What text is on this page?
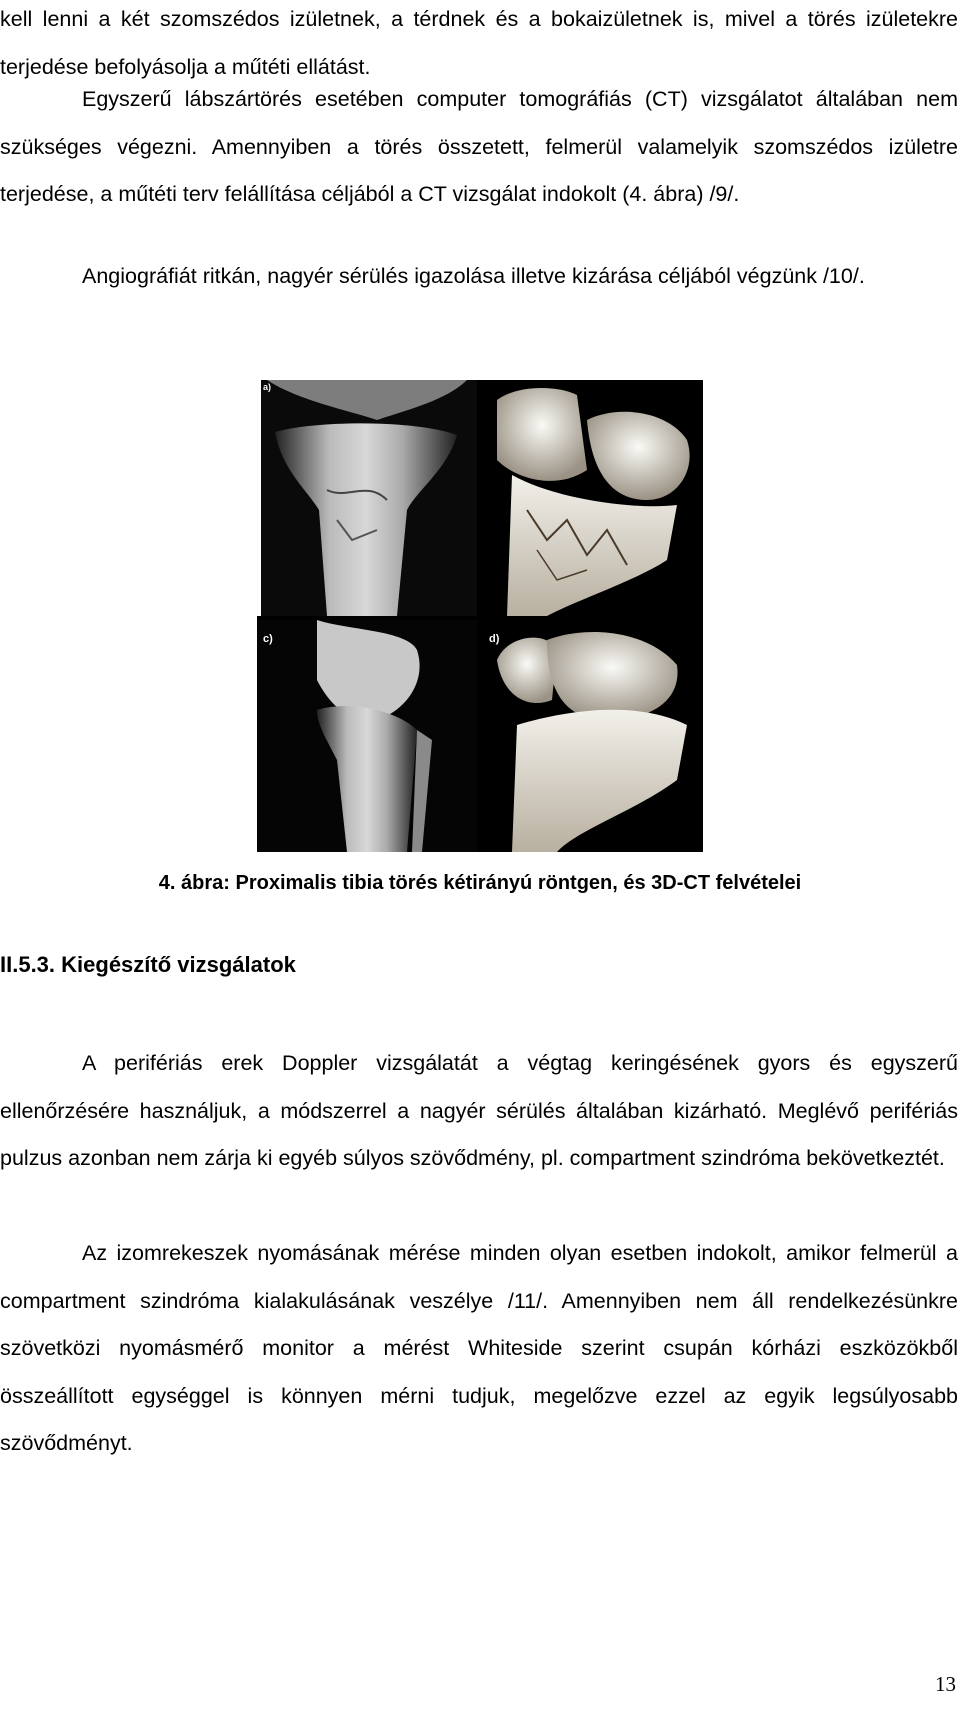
kell lenni a két szomszédos izületnek, a térdnek és a bokaizületnek is, mivel a törés izületekre terjedése befolyásolja a műtéti ellátást.

Egyszerű lábszártörés esetében computer tomográfiás (CT) vizsgálatot általában nem szükséges végezni. Amennyiben a törés összetett, felmerül valamelyik szomszédos izületre terjedése, a műtéti terv felállítása céljából a CT vizsgálat indokolt (4. ábra) /9/.

Angiográfiát ritkán, nagyér sérülés igazolása illetve kizárása céljából végzünk /10/.

c)	d)
a)
4. ábra: Proximalis tibia törés kétirányú röntgen, és 3D-CT felvételei
II.5.3. Kiegészítő vizsgálatok

A perifériás erek Doppler vizsgálatát a végtag keringésének gyors és egyszerű ellenőrzésére használjuk, a módszerrel a nagyér sérülés általában kizárható. Meglévő perifériás pulzus azonban nem zárja ki egyéb súlyos szövődmény, pl. compartment szindróma bekövetkeztét.

Az izomrekeszek nyomásának mérése minden olyan esetben indokolt, amikor felmerül a compartment szindróma kialakulásának veszélye /11/. Amennyiben nem áll rendelkezésünkre szövetközi nyomásmérő monitor a mérést Whiteside szerint csupán kórházi eszközökből összeállított egységgel is könnyen mérni tudjuk, megelőzve ezzel az egyik legsúlyosabb szövődményt.

13
